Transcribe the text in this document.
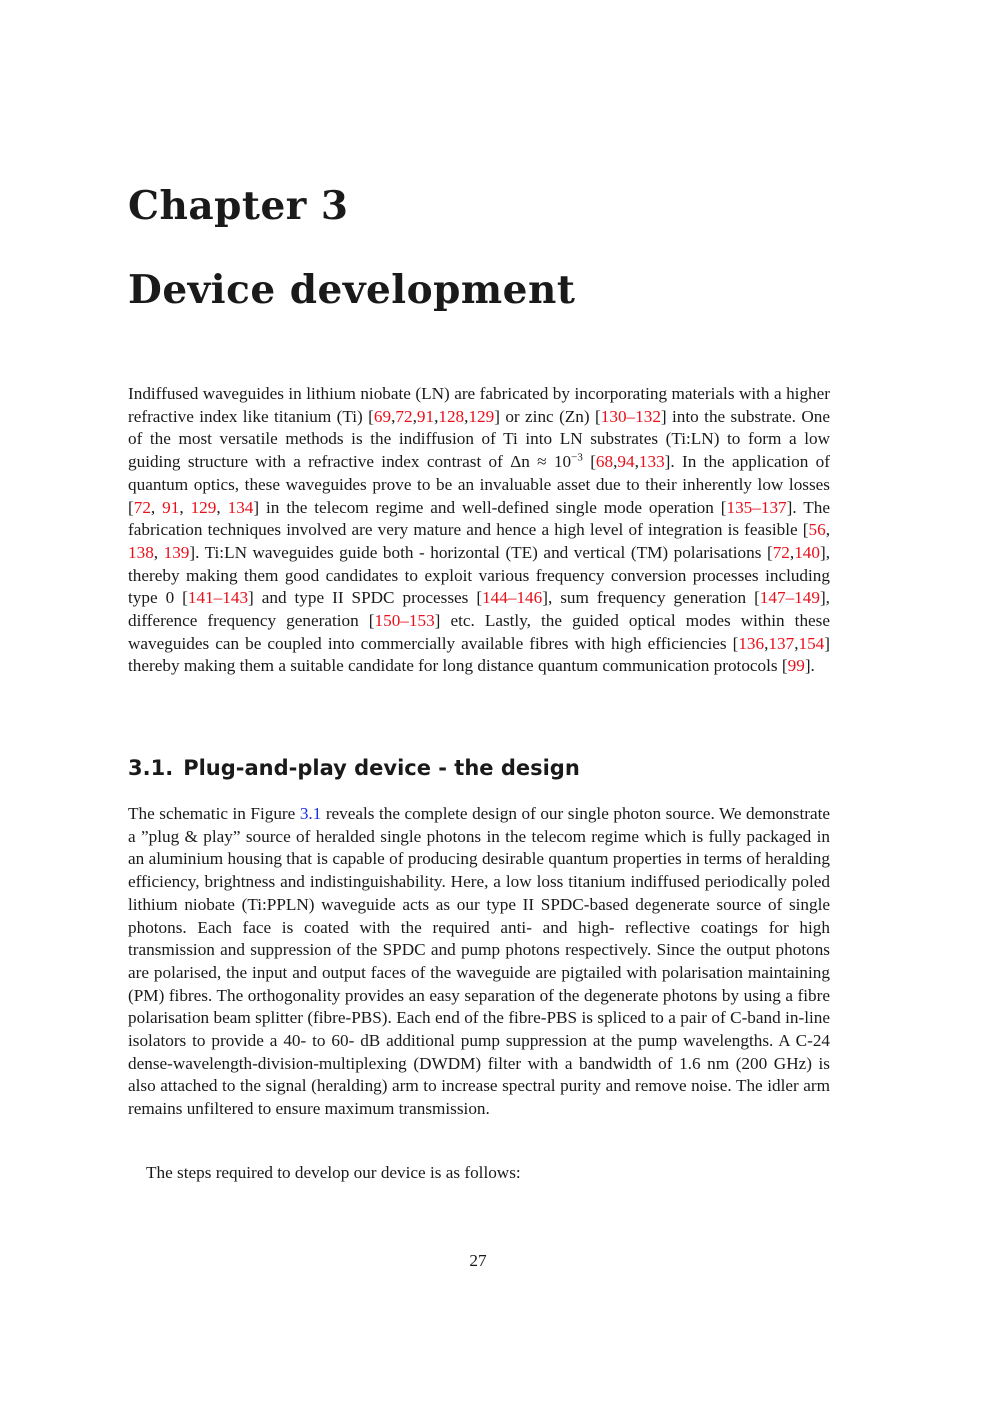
Chapter 3
Device development

Indiffused waveguides in lithium niobate (LN) are fabricated by incorporating materials with a higher refractive index like titanium (Ti) [69,72,91,128,129] or zinc (Zn) [130–132] into the substrate. One of the most versatile methods is the indiffusion of Ti into LN substrates (Ti:LN) to form a low guiding structure with a refractive index contrast of $\Delta n \approx 10^{-3}$ [68,94,133]. In the application of quantum optics, these waveguides prove to be an invaluable asset due to their inherently low losses [72, 91, 129, 134] in the telecom regime and well-defined single mode operation [135–137]. The fabrication techniques involved are very mature and hence a high level of integration is feasible [56, 138, 139]. Ti:LN waveguides guide both - horizontal (TE) and vertical (TM) polarisations [72,140], thereby making them good candidates to exploit various frequency conversion processes including type 0 [141–143] and type II SPDC processes [144–146], sum frequency generation [147–149], difference frequency generation [150–153] etc. Lastly, the guided optical modes within these waveguides can be coupled into commercially available fibres with high efficiencies [136,137,154] thereby making them a suitable candidate for long distance quantum communication protocols [99].

3.1. Plug-and-play device - the design

The schematic in Figure 3.1 reveals the complete design of our single photon source. We demonstrate a ”plug & play” source of heralded single photons in the telecom regime which is fully packaged in an aluminium housing that is capable of producing desirable quantum properties in terms of heralding efficiency, brightness and indistinguishability. Here, a low loss titanium indiffused periodically poled lithium niobate (Ti:PPLN) waveguide acts as our type II SPDC-based degenerate source of single photons. Each face is coated with the required anti- and high- reflective coatings for high transmission and suppression of the SPDC and pump photons respectively. Since the output photons are polarised, the input and output faces of the waveguide are pigtailed with polarisation maintaining (PM) fibres. The orthogonality provides an easy separation of the degenerate photons by using a fibre polarisation beam splitter (fibre-PBS). Each end of the fibre-PBS is spliced to a pair of C-band in-line isolators to provide a 40- to 60- dB additional pump suppression at the pump wavelengths. A C-24 dense-wavelength-division-multiplexing (DWDM) filter with a bandwidth of 1.6 nm (200 GHz) is also attached to the signal (heralding) arm to increase spectral purity and remove noise. The idler arm remains unfiltered to ensure maximum transmission.

The steps required to develop our device is as follows:

27
